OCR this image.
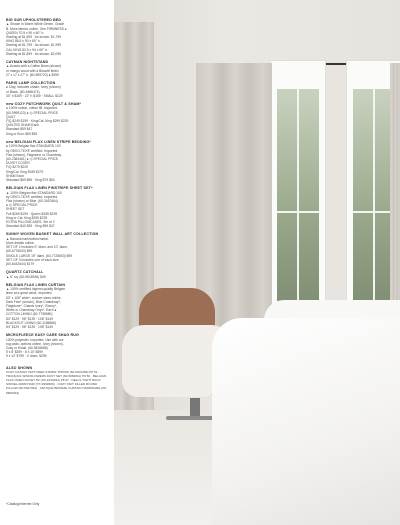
BIG SUR UPHOLSTERED BED
▲ Shown in Warm White Denim, Grade
B. More fabrics online. One FIRMNESS ●
QUEEN 70.5 x 90 x 60" h.
Starting at $1,599 · As shown: $1,799
KING 86.5 x 90 x 60" h.
Starting at $1,799 · As shown: $1,999
CAL KING 82.5 x 94 x 60" h.
Starting at $1,899 · As shown: $2,099
CAYMAN NIGHTSTAND
▲ Acacia with a Coffee Bean (shown)
or mango wood with a Biscotti finish.
27 x 17 x 27" h. (60-699720) ● $399
PARIS LAMP COLLECTION
● Clay, includes shade. Ivory (shown)
or Black. (60-4686474)
30" h $169 · 22" h $169 · SMALL $129
new COZY PATCHWORK QUILT & SHAM*
● 100% cotton, cotton fill. Imported.
(60-9999123) ● ◎ SPECIAL PRICE
QUILT
F/Q $249 $199 · King/Cal. King $299 $229
QUILTED SHAM Each
Standard $59 $47
King or Euro $69 $55
new BELGIAN FLAX LINEN STRIPE BEDDING*
● 100% Belgian flax STANDARD 100
by OEKO-TEX® certified. Imported.
Flax (shown), Flagstone or Chambray.
(60-2384461) ● ◎ SPECIAL PRICE
DUVET COVER
F/Q $279 $229
King/Cal. King $349 $279
SHAM Each
Standard $69 $55 · King $79 $63
BELGIAN FLAX LINEN PINSTRIPE SHEET SET*
▲ 100% Belgian flax STANDARD 100
by OEKO-TEX® certified. Imported.
Flax (shown) or Blue. (60-3467664)
● ◎ SPECIAL PRICE
SHEET SET
Full $269 $199 · Queen $289 $199
King or Cal. King $299 $239
EXTRA PILLOWCASES, Set of 2
Standard $49 $39 · King $59 $47
SUNNY WOVEN BASKET WALL ART COLLECTION
▲ Banana bark/cotton/metal.
More details online.
SET OF 2 includes 9" diam. and 10" diam.
(60-6776633) $99
SINGLE LARGE 19" diam. (60-7728653) $99
SET OF 3 includes one of each size.
(60-6442644) $179
QUARTZ CATCHALL
▲ 6" sq. (60-9618536) $49
BELGIAN FLAX LINEN CURTAIN
▲ 100% certified highest quality Belgian
linen at a great value. Imported.
50" x 108" wide*, custom sizes online.
Dark Flax* (shown), Blue Chambray*,
Flagstone*, Classic Ivory*, Ebony*,
White or Chambray Onyx*. Each ●
COTTON LINING (60-7798880)
84" $129 · 96" $139 · 108" $149
BLACKOUT LINING (60-1186866)
84" $129 · 96" $139 · 108" $149
MICROFLEECE EASY CARE SHAG RUG
100% polyester. Imported. Use with our
rug pads; options online. Ivory (shown),
Gray or Khaki. (60-9616888)
5 x 8' $399 · 8 x 10' $599
9 x 12' $799 · 4' diam. $299
ALSO SHOWN
COZY DASIAN TEXTURED STRIPE THROW (60-5601459) P8 52 · TRANQUIL WINDFLOWERS DUST SET (60-5082811) P0 56 · BELGIAN FLAX LINEN DUVET 50" (60-1634394) P8 57 · NELLS TIGHT BACK SWIVEL ARMCHAIR (TX-9999966) · COZY KNIT FILLED ROUND PILLOW (60-6947364) · ANTIQUE BRONZE CURTAIN HARDWARE (60-8600394)
*Catalog/Internet Only
